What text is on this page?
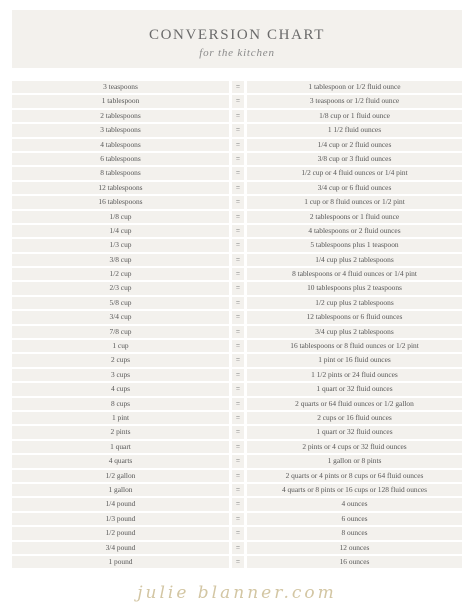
CONVERSION CHART
for the kitchen
3 teaspoons	=	1 tablespoon or 1/2 fluid ounce
1 tablespoon	=	3 teaspoons or 1/2 fluid ounce
2 tablespoons	=	1/8 cup or 1 fluid ounce
3 tablespoons	=	1 1/2 fluid ounces
4 tablespoons	=	1/4 cup or 2 fluid ounces
6 tablespoons	=	3/8 cup or 3 fluid ounces
8 tablespoons	=	1/2 cup or 4 fluid ounces or 1/4 pint
12 tablespoons	=	3/4 cup or 6 fluid ounces
16 tablespoons	=	1 cup or 8 fluid ounces or 1/2 pint
1/8 cup	=	2 tablespoons or 1 fluid ounce
1/4 cup	=	4 tablespoons or 2 fluid ounces
1/3 cup	=	5 tablespoons plus 1 teaspoon
3/8 cup	=	1/4 cup plus 2 tablespoons
1/2 cup	=	8 tablespoons or 4 fluid ounces or 1/4 pint
2/3 cup	=	10 tablespoons plus 2 teaspoons
5/8 cup	=	1/2 cup plus 2 tablespoons
3/4 cup	=	12 tablespoons or 6 fluid ounces
7/8 cup	=	3/4 cup plus 2 tablespoons
1 cup	=	16 tablespoons or 8 fluid ounces or 1/2 pint
2 cups	=	1 pint or 16 fluid ounces
3 cups	=	1 1/2 pints or 24 fluid ounces
4 cups	=	1 quart or 32 fluid ounces
8 cups	=	2 quarts or 64 fluid ounces or 1/2 gallon
1 pint	=	2 cups or 16 fluid ounces
2 pints	=	1 quart or 32 fluid ounces
1 quart	=	2 pints or 4 cups or 32 fluid ounces
4 quarts	=	1 gallon or 8 pints
1/2 gallon	=	2 quarts or 4 pints or 8 cups or 64 fluid ounces
1 gallon	=	4 quarts or 8 pints or 16 cups or 128 fluid ounces
1/4 pound	=	4 ounces
1/3 pound	=	6 ounces
1/2 pound	=	8 ounces
3/4 pound	=	12 ounces
1 pound	=	16 ounces
julie blanner.com
